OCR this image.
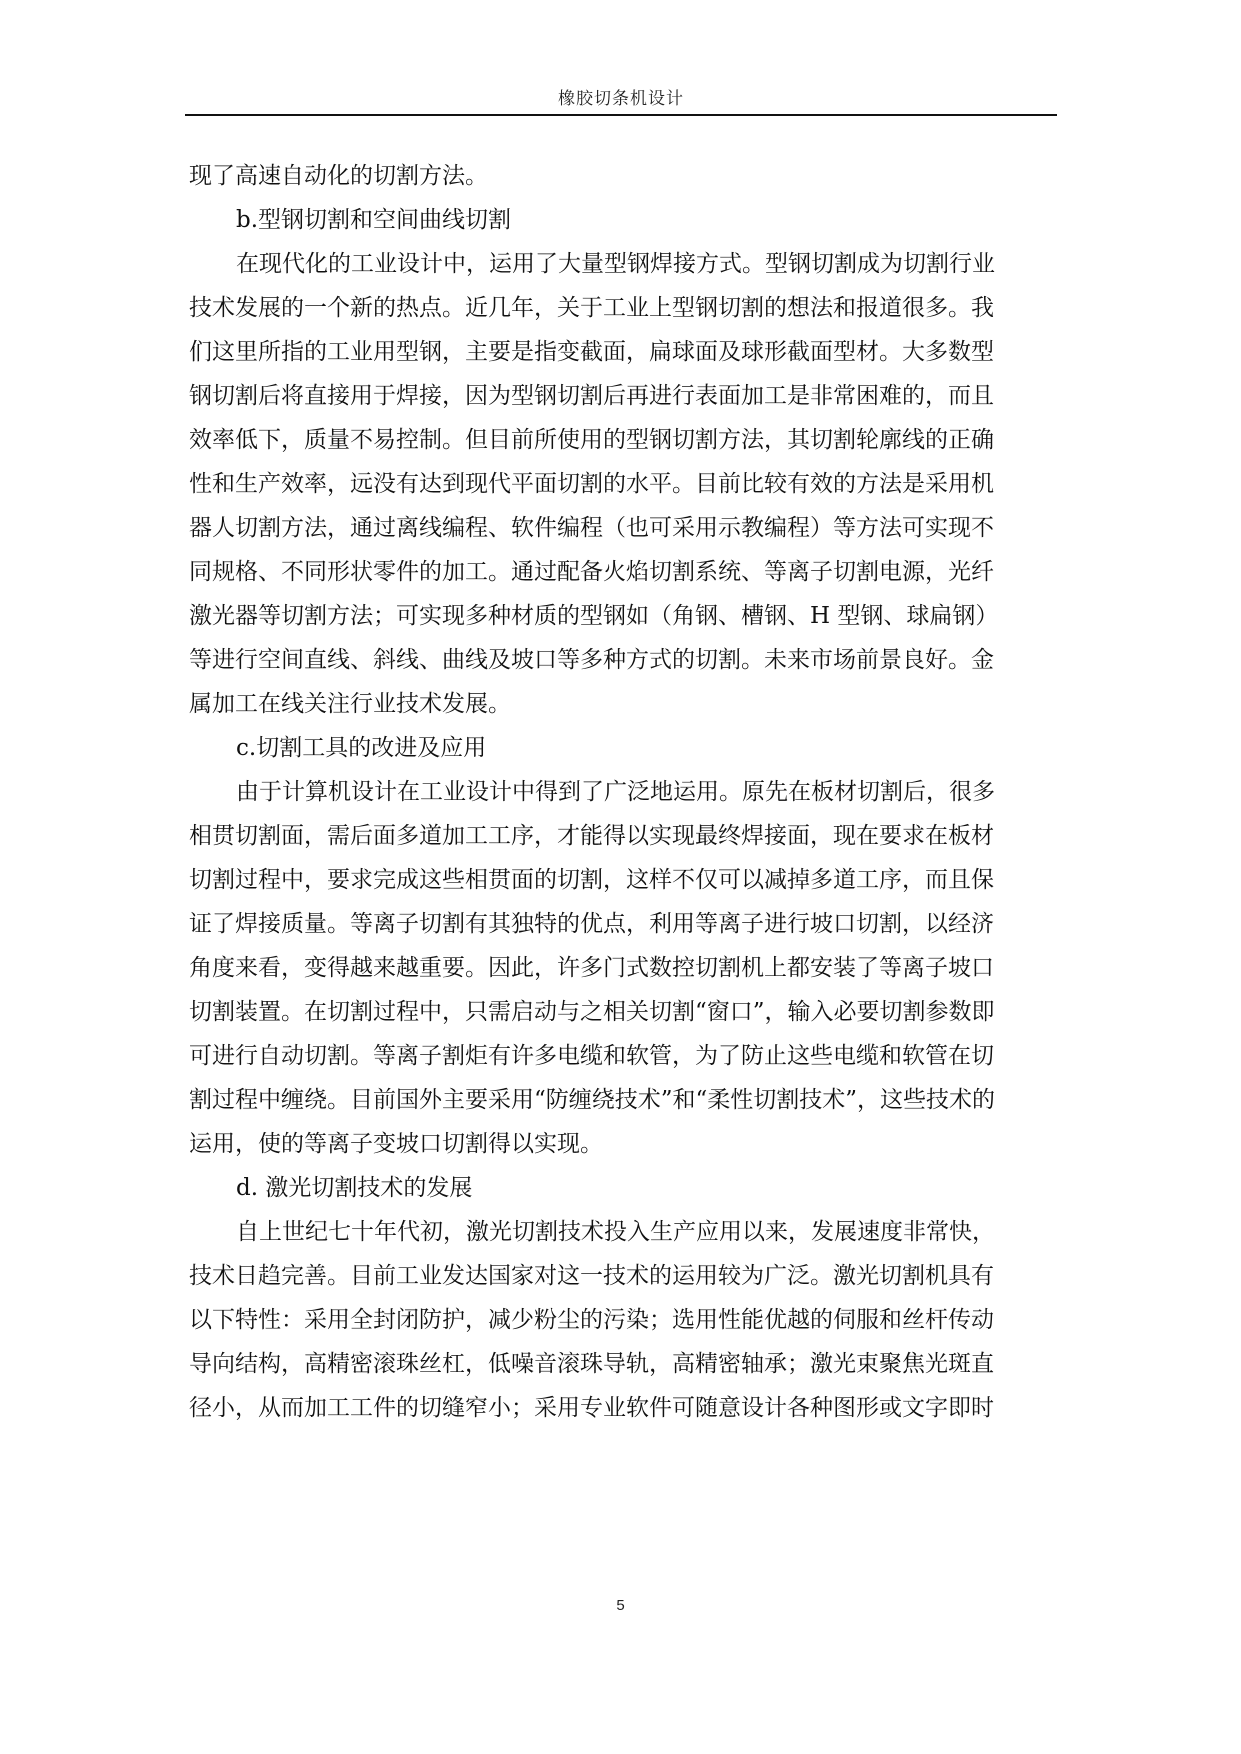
橡胶切条机设计

现了高速自动化的切割方法。

b.型钢切割和空间曲线切割

在现代化的工业设计中，运用了大量型钢焊接方式。型钢切割成为切割行业

技术发展的一个新的热点。近几年，关于工业上型钢切割的想法和报道很多。我

们这里所指的工业用型钢，主要是指变截面，扁球面及球形截面型材。大多数型

钢切割后将直接用于焊接，因为型钢切割后再进行表面加工是非常困难的，而且

效率低下，质量不易控制。但目前所使用的型钢切割方法，其切割轮廓线的正确

性和生产效率，远没有达到现代平面切割的水平。目前比较有效的方法是采用机

器人切割方法，通过离线编程、软件编程（也可采用示教编程）等方法可实现不

同规格、不同形状零件的加工。通过配备火焰切割系统、等离子切割电源，光纤

激光器等切割方法；可实现多种材质的型钢如（角钢、槽钢、H 型钢、球扁钢）

等进行空间直线、斜线、曲线及坡口等多种方式的切割。未来市场前景良好。金

属加工在线关注行业技术发展。

c.切割工具的改进及应用

由于计算机设计在工业设计中得到了广泛地运用。原先在板材切割后，很多

相贯切割面，需后面多道加工工序，才能得以实现最终焊接面，现在要求在板材

切割过程中，要求完成这些相贯面的切割，这样不仅可以减掉多道工序，而且保

证了焊接质量。等离子切割有其独特的优点，利用等离子进行坡口切割，以经济

角度来看，变得越来越重要。因此，许多门式数控切割机上都安装了等离子坡口

切割装置。在切割过程中，只需启动与之相关切割“窗口”，输入必要切割参数即

可进行自动切割。等离子割炬有许多电缆和软管，为了防止这些电缆和软管在切

割过程中缠绕。目前国外主要采用“防缠绕技术”和“柔性切割技术”，这些技术的

运用，使的等离子变坡口切割得以实现。

d. 激光切割技术的发展

自上世纪七十年代初，激光切割技术投入生产应用以来，发展速度非常快，

技术日趋完善。目前工业发达国家对这一技术的运用较为广泛。激光切割机具有

以下特性：采用全封闭防护，减少粉尘的污染；选用性能优越的伺服和丝杆传动

导向结构，高精密滚珠丝杠，低噪音滚珠导轨，高精密轴承；激光束聚焦光斑直

径小，从而加工工件的切缝窄小；采用专业软件可随意设计各种图形或文字即时

5
